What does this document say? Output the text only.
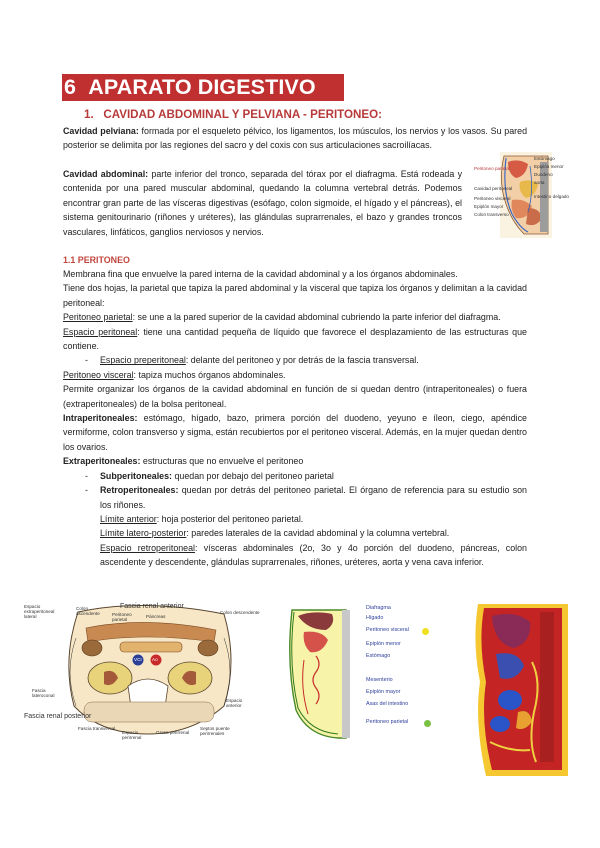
6 APARATO DIGESTIVO
1. CAVIDAD ABDOMINAL Y PELVIANA - PERITONEO:
Cavidad pelviana: formada por el esqueleto pélvico, los ligamentos, los músculos, los nervios y los vasos. Su pared posterior se delimita por las regiones del sacro y del coxis con sus articulaciones sacroilíacas.
Cavidad abdominal: parte inferior del tronco, separada del tórax por el diafragma. Está rodeada y contenida por una pared muscular abdominal, quedando la columna vertebral detrás. Podemos encontrar gran parte de las vísceras digestivas (esófago, colon sigmoide, el hígado y el páncreas), el sistema genitourinario (riñones y uréteres), las glándulas suprarrenales, el bazo y grandes troncos vasculares, linfáticos, ganglios nerviosos y nervios.
Peritoneo parietal
Cavidad peritoneal
Estómago
Epiplón menor
Duodeno
aorta
Intestino delgado
Peritoneo visceral
Epiplón mayor
Colon transverso
1.1 PERITONEO

Membrana fina que envuelve la pared interna de la cavidad abdominal y a los órganos abdominales.

Tiene dos hojas, la parietal que tapiza la pared abdominal y la visceral que tapiza los órganos y delimitan a la cavidad peritoneal:

Peritoneo parietal: se une a la pared superior de la cavidad abdominal cubriendo la parte inferior del diafragma.

Espacio peritoneal: tiene una cantidad pequeña de líquido que favorece el desplazamiento de las estructuras que contiene.

-	Espacio preperitoneal: delante del peritoneo y por detrás de la fascia transversal.

Peritoneo visceral: tapiza muchos órganos abdominales.

Permite organizar los órganos de la cavidad abdominal en función de si quedan dentro (intraperitoneales) o fuera (extraperitoneales) de la bolsa peritoneal.

Intraperitoneales: estómago, hígado, bazo, primera porción del duodeno, yeyuno e íleon, ciego, apéndice vermiforme, colon transverso y sigma, están recubiertos por el peritoneo visceral. Además, en la mujer quedan dentro los ovarios.

Extraperitoneales: estructuras que no envuelve el peritoneo

-	Subperitoneales: quedan por debajo del peritoneo parietal
-	Retroperitoneales: quedan por detrás del peritoneo parietal. El órgano de referencia para su estudio son los riñones.

Límite anterior: hoja posterior del peritoneo parietal.

Límite latero-posterior: paredes laterales de la cavidad abdominal y la columna vertebral.

Espacio retroperitoneal: vísceras abdominales (2o, 3o y 4o porción del duodeno, páncreas, colon ascendente y descendente, glándulas suprarrenales, riñones, uréteres, aorta y vena cava inferior.

Espacio extraperitoneal lateral
Colon ascendente	Peritoneo parietal
Fascia renal anterior
Páncreas
Colon descendente
Fascia lateroconal
Espacio anterior
Fascia renal posterior
Fascia transversal
Espacio perirrenal
Grasa perirrenal
Septos puente perirrenales
VCI Ao
Diafragma
Hígado
Peritoneo visceral
Epiplón menor
Estómago
Mesenterio
Epiplón mayor
Asas del intestino
Peritoneo parietal
